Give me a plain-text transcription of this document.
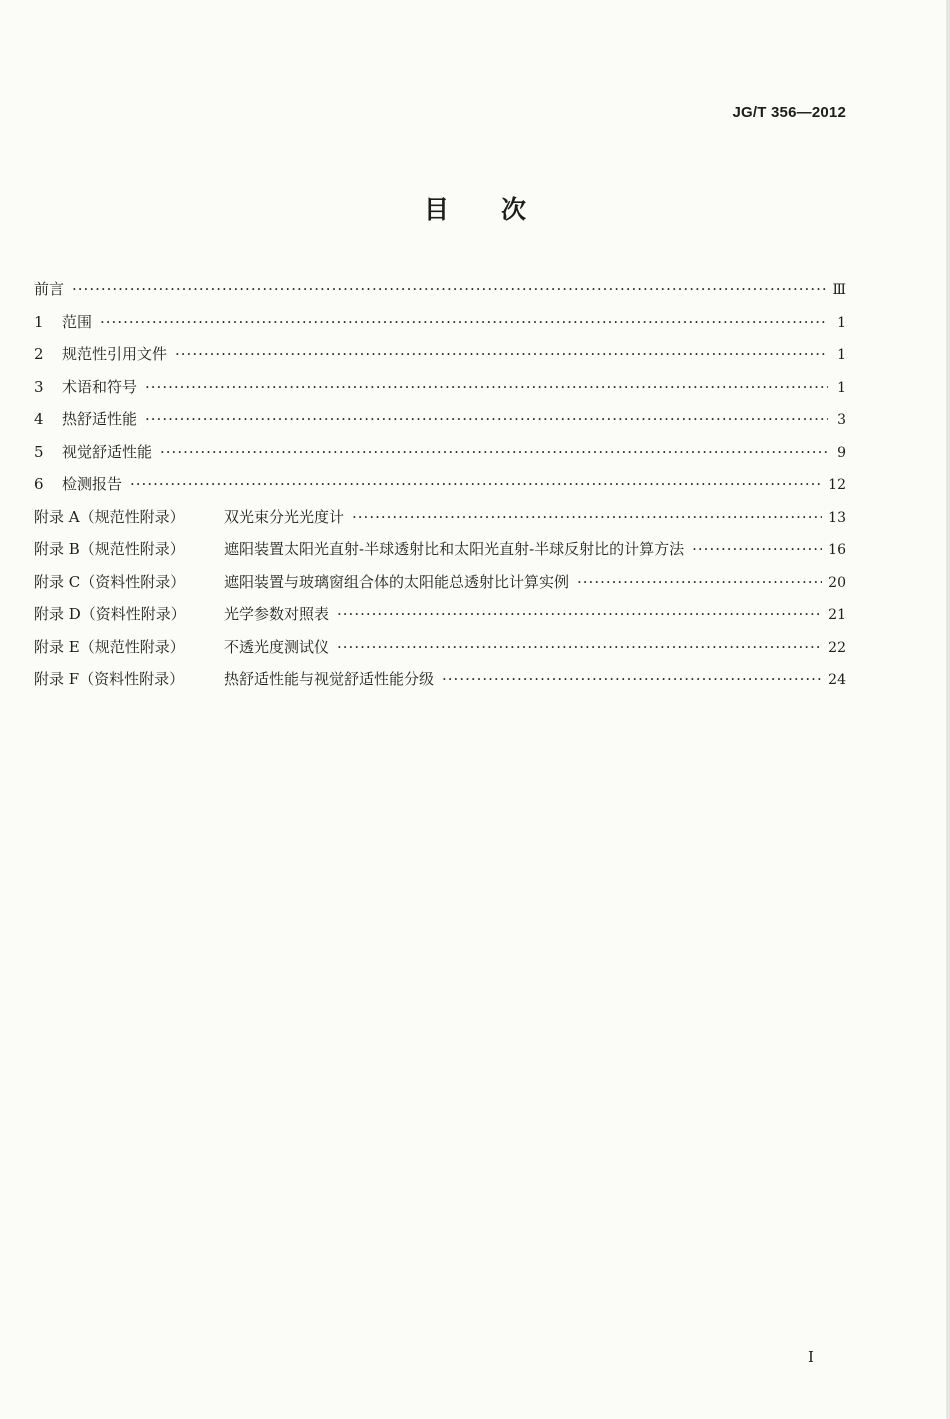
JG/T 356—2012
目次
前言 ·····	Ⅲ
1	范围 ·····	1
2	规范性引用文件 ·····	1
3	术语和符号 ·····	1
4	热舒适性能 ·····	3
5	视觉舒适性能 ·····	9
6	检测报告 ·····	12
附录 A（规范性附录）	双光束分光光度计 ·····	13
附录 B（规范性附录）	遮阳装置太阳光直射-半球透射比和太阳光直射-半球反射比的计算方法 ·····	16
附录 C（资料性附录）	遮阳装置与玻璃窗组合体的太阳能总透射比计算实例 ·····	20
附录 D（资料性附录）	光学参数对照表 ·····	21
附录 E（规范性附录）	不透光度测试仪 ·····	22
附录 F（资料性附录）	热舒适性能与视觉舒适性能分级 ·····	24
I
